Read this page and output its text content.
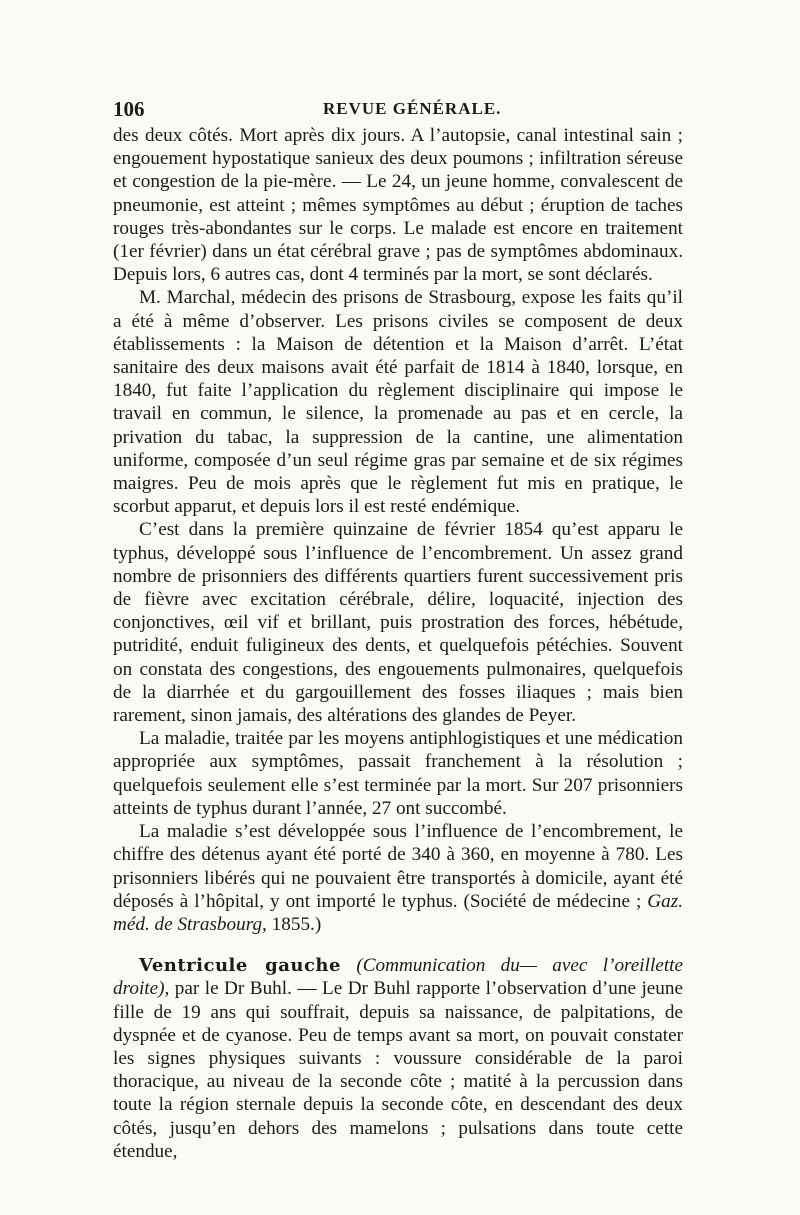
106	REVUE GÉNÉRALE.

des deux côtés. Mort après dix jours. A l’autopsie, canal intestinal sain ; engouement hypostatique sanieux des deux poumons ; infiltration séreuse et congestion de la pie-mère. — Le 24, un jeune homme, convalescent de pneumonie, est atteint ; mêmes symptômes au début ; éruption de taches rouges très-abondantes sur le corps. Le malade est encore en traitement (1er février) dans un état cérébral grave ; pas de symptômes abdominaux. Depuis lors, 6 autres cas, dont 4 terminés par la mort, se sont déclarés.

M. Marchal, médecin des prisons de Strasbourg, expose les faits qu’il a été à même d’observer. Les prisons civiles se composent de deux établissements : la Maison de détention et la Maison d’arrêt. L’état sanitaire des deux maisons avait été parfait de 1814 à 1840, lorsque, en 1840, fut faite l’application du règlement disciplinaire qui impose le travail en commun, le silence, la promenade au pas et en cercle, la privation du tabac, la suppression de la cantine, une alimentation uniforme, composée d’un seul régime gras par semaine et de six régimes maigres. Peu de mois après que le règlement fut mis en pratique, le scorbut apparut, et depuis lors il est resté endémique.

C’est dans la première quinzaine de février 1854 qu’est apparu le typhus, développé sous l’influence de l’encombrement. Un assez grand nombre de prisonniers des différents quartiers furent successivement pris de fièvre avec excitation cérébrale, délire, loquacité, injection des conjonctives, œil vif et brillant, puis prostration des forces, hébétude, putridité, enduit fuligineux des dents, et quelquefois pétéchies. Souvent on constata des congestions, des engouements pulmonaires, quelquefois de la diarrhée et du gargouillement des fosses iliaques ; mais bien rarement, sinon jamais, des altérations des glandes de Peyer.

La maladie, traitée par les moyens antiphlogistiques et une médication appropriée aux symptômes, passait franchement à la résolution ; quelquefois seulement elle s’est terminée par la mort. Sur 207 prisonniers atteints de typhus durant l’année, 27 ont succombé.

La maladie s’est développée sous l’influence de l’encombrement, le chiffre des détenus ayant été porté de 340 à 360, en moyenne à 780. Les prisonniers libérés qui ne pouvaient être transportés à domicile, ayant été déposés à l’hôpital, y ont importé le typhus. (Société de médecine ; Gaz. méd. de Strasbourg, 1855.)

Ventricule gauche (Communication du— avec l’oreillette droite), par le Dr Buhl. — Le Dr Buhl rapporte l’observation d’une jeune fille de 19 ans qui souffrait, depuis sa naissance, de palpitations, de dyspnée et de cyanose. Peu de temps avant sa mort, on pouvait constater les signes physiques suivants : voussure considérable de la paroi thoracique, au niveau de la seconde côte ; matité à la percussion dans toute la région sternale depuis la seconde côte, en descendant des deux côtés, jusqu’en dehors des mamelons ; pulsations dans toute cette étendue,
